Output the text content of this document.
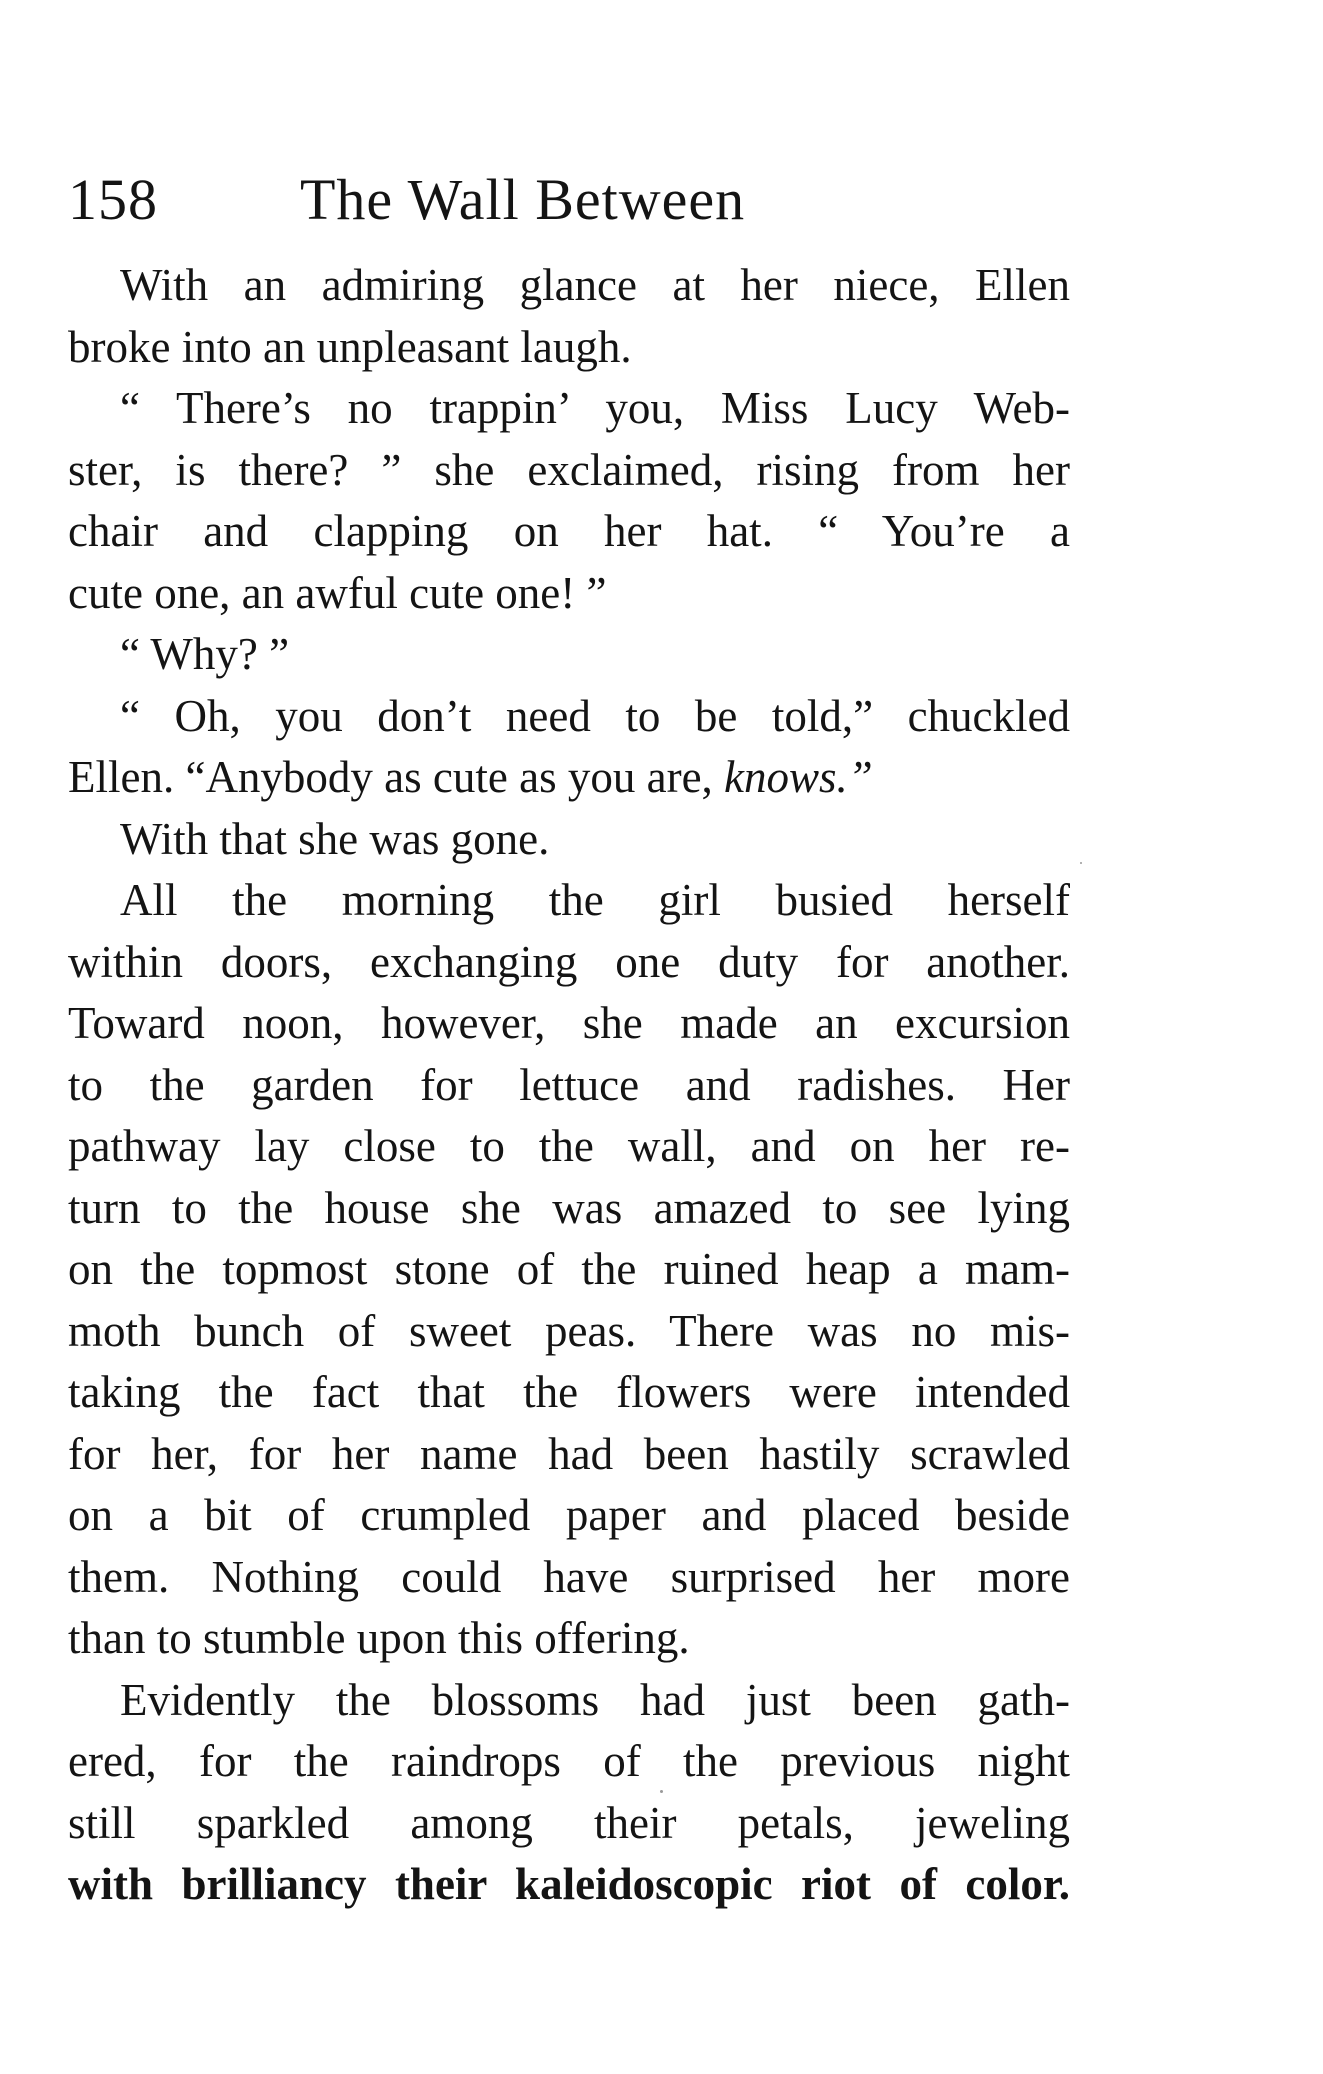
158 The Wall Between
With an admiring glance at her niece, Ellen
broke into an unpleasant laugh.
“ There’s no trappin’ you, Miss Lucy Web-
ster, is there? ” she exclaimed, rising from her
chair and clapping on her hat. “ You’re a
cute one, an awful cute one! ”
“ Why? ”
“ Oh, you don’t need to be told,” chuckled
Ellen. “Anybody as cute as you are, knows.”
With that she was gone.
All the morning the girl busied herself
within doors, exchanging one duty for another.
Toward noon, however, she made an excursion
to the garden for lettuce and radishes. Her
pathway lay close to the wall, and on her re-
turn to the house she was amazed to see lying
on the topmost stone of the ruined heap a mam-
moth bunch of sweet peas. There was no mis-
taking the fact that the flowers were intended
for her, for her name had been hastily scrawled
on a bit of crumpled paper and placed beside
them. Nothing could have surprised her more
than to stumble upon this offering.
Evidently the blossoms had just been gath-
ered, for the raindrops of the previous night
still sparkled among their petals, jeweling
with brilliancy their kaleidoscopic riot of color.
